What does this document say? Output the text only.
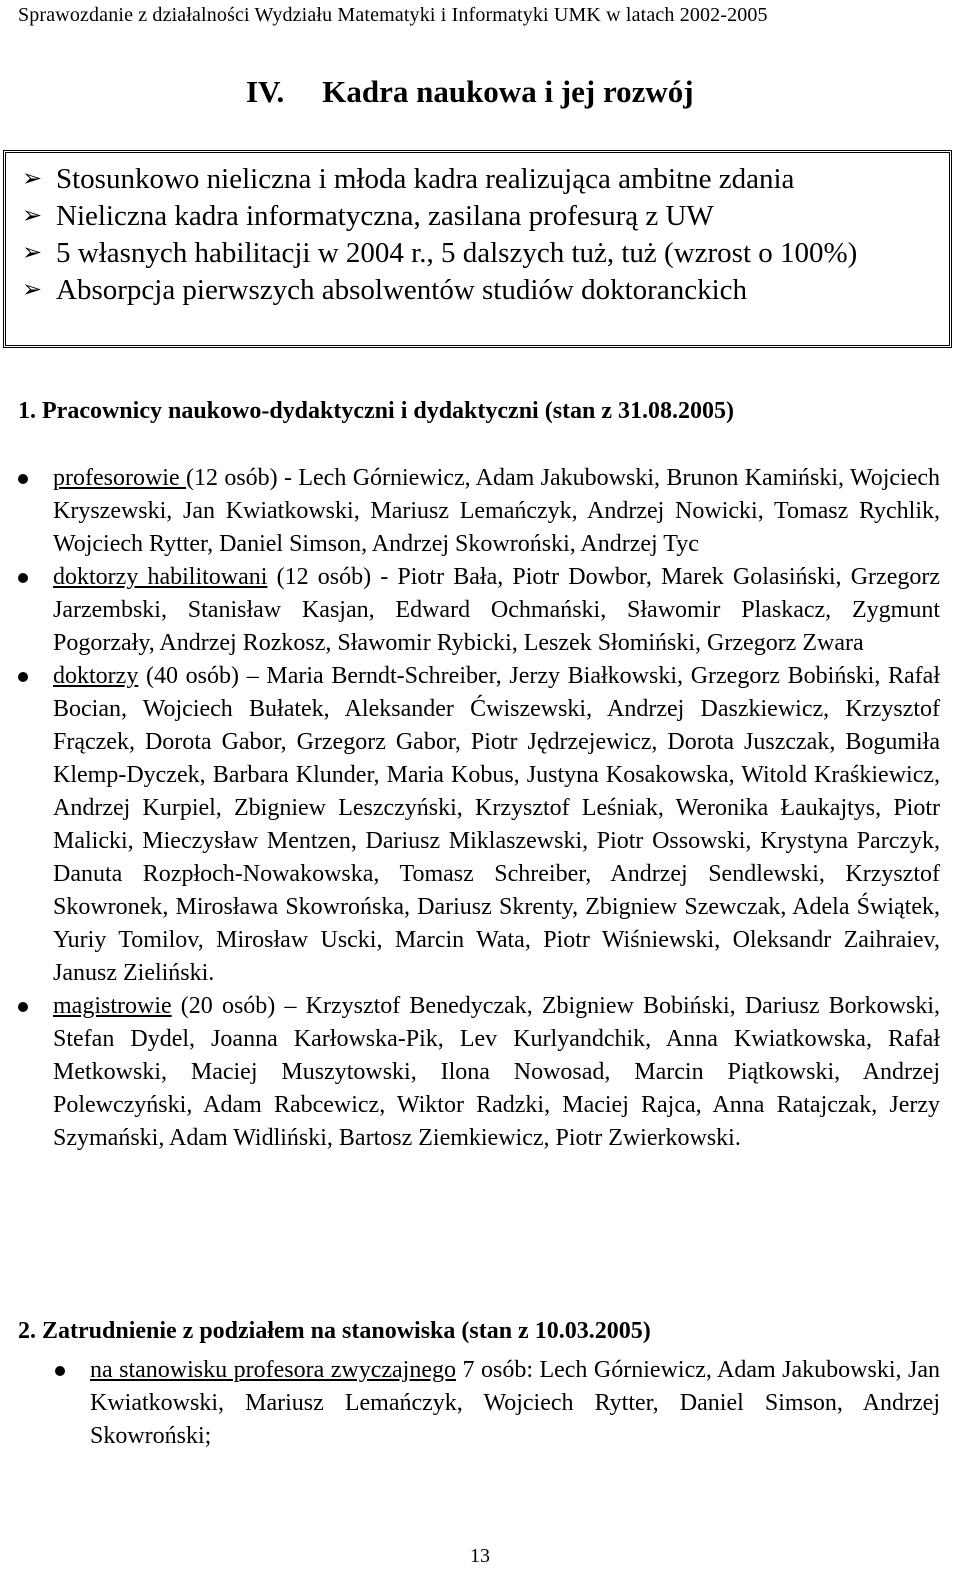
Sprawozdanie z działalności Wydziału Matematyki i Informatyki UMK w latach 2002-2005
IV. Kadra naukowa i jej rozwój
➢ Stosunkowo nieliczna i młoda kadra realizująca ambitne zdania
➢ Nieliczna kadra informatyczna, zasilana profesurą z UW
➢ 5 własnych habilitacji w 2004 r., 5 dalszych tuż, tuż (wzrost o 100%)
➢ Absorpcja pierwszych absolwentów studiów doktoranckich
1. Pracownicy naukowo-dydaktyczni i dydaktyczni (stan z 31.08.2005)
profesorowie (12 osób) - Lech Górniewicz, Adam Jakubowski, Brunon Kamiński, Wojciech Kryszewski, Jan Kwiatkowski, Mariusz Lemańczyk, Andrzej Nowicki, Tomasz Rychlik, Wojciech Rytter, Daniel Simson, Andrzej Skowroński, Andrzej Tyc
doktorzy habilitowani (12 osób) - Piotr Bała, Piotr Dowbor, Marek Golasiński, Grzegorz Jarzembski, Stanisław Kasjan, Edward Ochmański, Sławomir Plaskacz, Zygmunt Pogorzały, Andrzej Rozkosz, Sławomir Rybicki, Leszek Słomiński, Grzegorz Zwara
doktorzy (40 osób) – Maria Berndt-Schreiber, Jerzy Białkowski, Grzegorz Bobiński, Rafał Bocian, Wojciech Bułatek, Aleksander Ćwiszewski, Andrzej Daszkiewicz, Krzysztof Frączek, Dorota Gabor, Grzegorz Gabor, Piotr Jędrzejewicz, Dorota Juszczak, Bogumiła Klemp-Dyczek, Barbara Klunder, Maria Kobus, Justyna Kosakowska, Witold Kraśkiewicz, Andrzej Kurpiel, Zbigniew Leszczyński, Krzysztof Leśniak, Weronika Łaukajtys, Piotr Malicki, Mieczysław Mentzen, Dariusz Miklaszewski, Piotr Ossowski, Krystyna Parczyk, Danuta Rozpłoch-Nowakowska, Tomasz Schreiber, Andrzej Sendlewski, Krzysztof Skowronek, Mirosława Skowrońska, Dariusz Skrenty, Zbigniew Szewczak, Adela Świątek, Yuriy Tomilov, Mirosław Uscki, Marcin Wata, Piotr Wiśniewski, Oleksandr Zaihraiev, Janusz Zieliński.
magistrowie (20 osób) – Krzysztof Benedyczak, Zbigniew Bobiński, Dariusz Borkowski, Stefan Dydel, Joanna Karłowska-Pik, Lev Kurlyandchik, Anna Kwiatkowska, Rafał Metkowski, Maciej Muszytowski, Ilona Nowosad, Marcin Piątkowski, Andrzej Polewczyński, Adam Rabcewicz, Wiktor Radzki, Maciej Rajca, Anna Ratajczak, Jerzy Szymański, Adam Widliński, Bartosz Ziemkiewicz, Piotr Zwierkowski.
2. Zatrudnienie z podziałem na stanowiska (stan z 10.03.2005)
na stanowisku profesora zwyczajnego 7 osób: Lech Górniewicz, Adam Jakubowski, Jan Kwiatkowski, Mariusz Lemańczyk, Wojciech Rytter, Daniel Simson, Andrzej Skowroński;
13
